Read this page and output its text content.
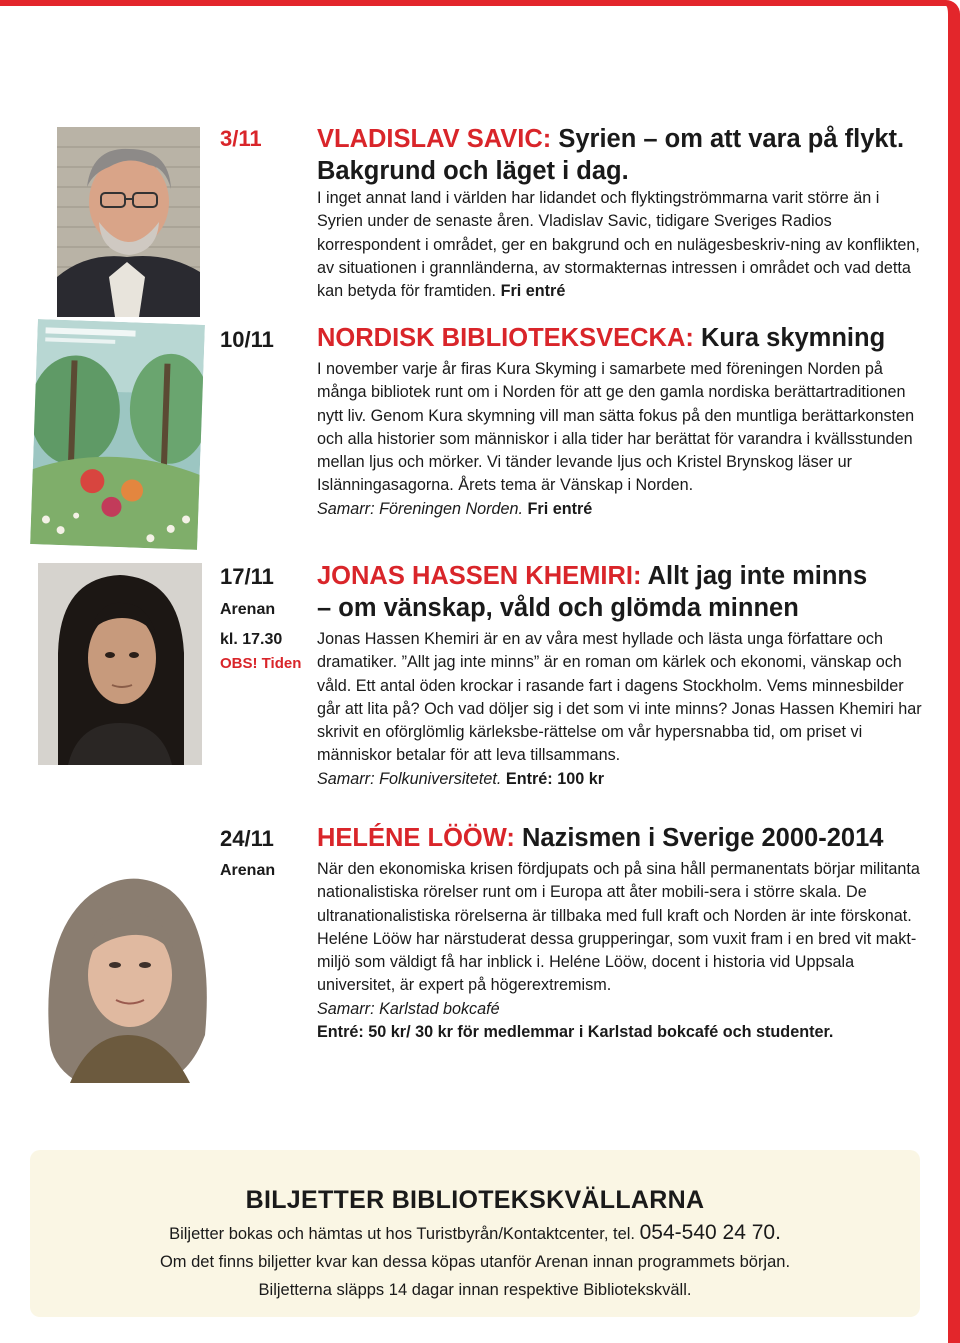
3/11 VLADISLAV SAVIC: Syrien – om att vara på flykt. Bakgrund och läget i dag.

I inget annat land i världen har lidandet och flyktingströmmarna varit större än i Syrien under de senaste åren. Vladislav Savic, tidigare Sveriges Radios korrespondent i området, ger en bakgrund och en nulägesbeskriv-ning av konflikten, av situationen i grannländerna, av stormakternas intressen i området och vad detta kan betyda för framtiden. Fri entré

10/11 NORDISK BIBLIOTEKSVECKA: Kura skymning

I november varje år firas Kura Skyming i samarbete med föreningen Norden på många bibliotek runt om i Norden för att ge den gamla nordiska berättartraditionen nytt liv. Genom Kura skymning vill man sätta fokus på den muntliga berättarkonsten och alla historier som människor i alla tider har berättat för varandra i kvällsstunden mellan ljus och mörker. Vi tänder levande ljus och Kristel Brynskog läser ur Islänningasagorna. Årets tema är Vänskap i Norden.

Samarr: Föreningen Norden. Fri entré

17/11
Arenan
kl. 17.30
OBS! Tiden

JONAS HASSEN KHEMIRI: Allt jag inte minns

– om vänskap, våld och glömda minnen

Jonas Hassen Khemiri är en av våra mest hyllade och lästa unga författare och dramatiker. ”Allt jag inte minns” är en roman om kärlek och ekonomi, vänskap och våld. Ett antal öden krockar i rasande fart i dagens Stockholm. Vems minnesbilder går att lita på? Och vad döljer sig i det som vi inte minns? Jonas Hassen Khemiri har skrivit en oförglömlig kärleksbe-rättelse om vår hypersnabba tid, om priset vi människor betalar för att leva tillsammans.

Samarr: Folkuniversitetet. Entré: 100 kr

24/11
Arenan

HELÉNE LÖÖW: Nazismen i Sverige 2000-2014

När den ekonomiska krisen fördjupats och på sina håll permanentats börjar militanta nationalistiska rörelser runt om i Europa att åter mobili-sera i större skala. De ultranationalistiska rörelserna är tillbaka med full kraft och Norden är inte förskonat. Heléne Lööw har närstuderat dessa grupperingar, som vuxit fram i en bred vit makt-miljö som väldigt få har inblick i. Heléne Lööw, docent i historia vid Uppsala universitet, är expert på högerextremism.

Samarr: Karlstad bokcafé

Entré: 50 kr/ 30 kr för medlemmar i Karlstad bokcafé och studenter.

BILJETTER BIBLIOTEKSKVÄLLARNA

Biljetter bokas och hämtas ut hos Turistbyrån/Kontaktcenter, tel. 054-540 24 70.

Om det finns biljetter kvar kan dessa köpas utanför Arenan innan programmets början.

Biljetterna släpps 14 dagar innan respektive Bibliotekskväll.
